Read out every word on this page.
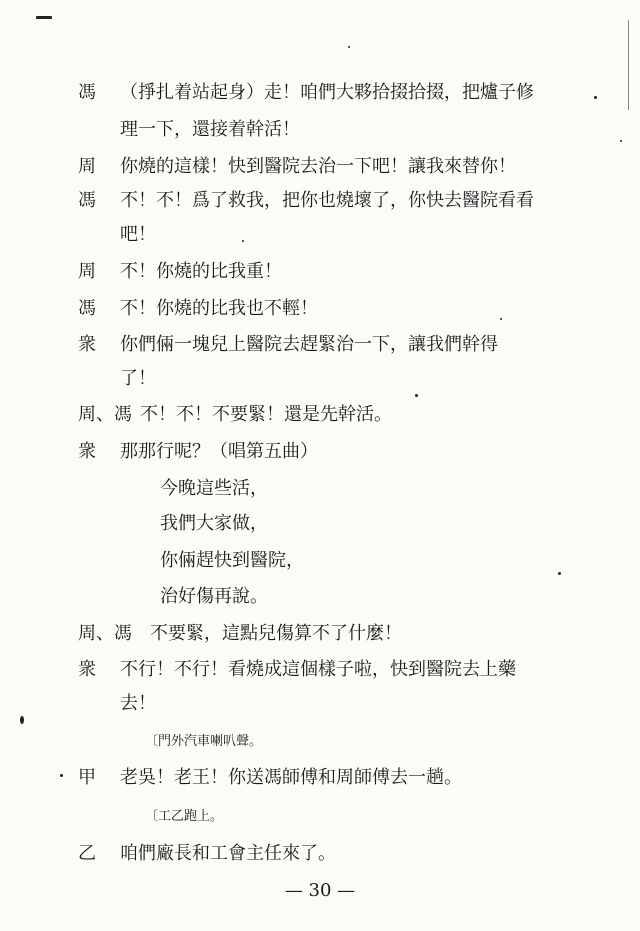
馮 （掙扎着站起身）走！咱們大夥拾掇拾掇，把爐子修
理一下，還接着幹活！
周 你燒的這樣！快到醫院去治一下吧！讓我來替你！
馮 不！不！爲了救我，把你也燒壞了，你快去醫院看看
吧！
周 不！你燒的比我重！
馮 不！你燒的比我也不輕！
衆 你們倆一塊兒上醫院去趕緊治一下，讓我們幹得
了！
周、馮 不！不！不要緊！還是先幹活。
衆 那那行呢？（唱第五曲）
今晚這些活，
我們大家做，
你倆趕快到醫院，
治好傷再說。
周、馮 不要緊，這點兒傷算不了什麼！
衆 不行！不行！看燒成這個樣子啦，快到醫院去上藥
去！
〔門外汽車喇叭聲。
甲 老吳！老王！你送馮師傅和周師傅去一趟。
〔工乙跑上。
乙 咱們廠長和工會主任來了。
— 30 —
